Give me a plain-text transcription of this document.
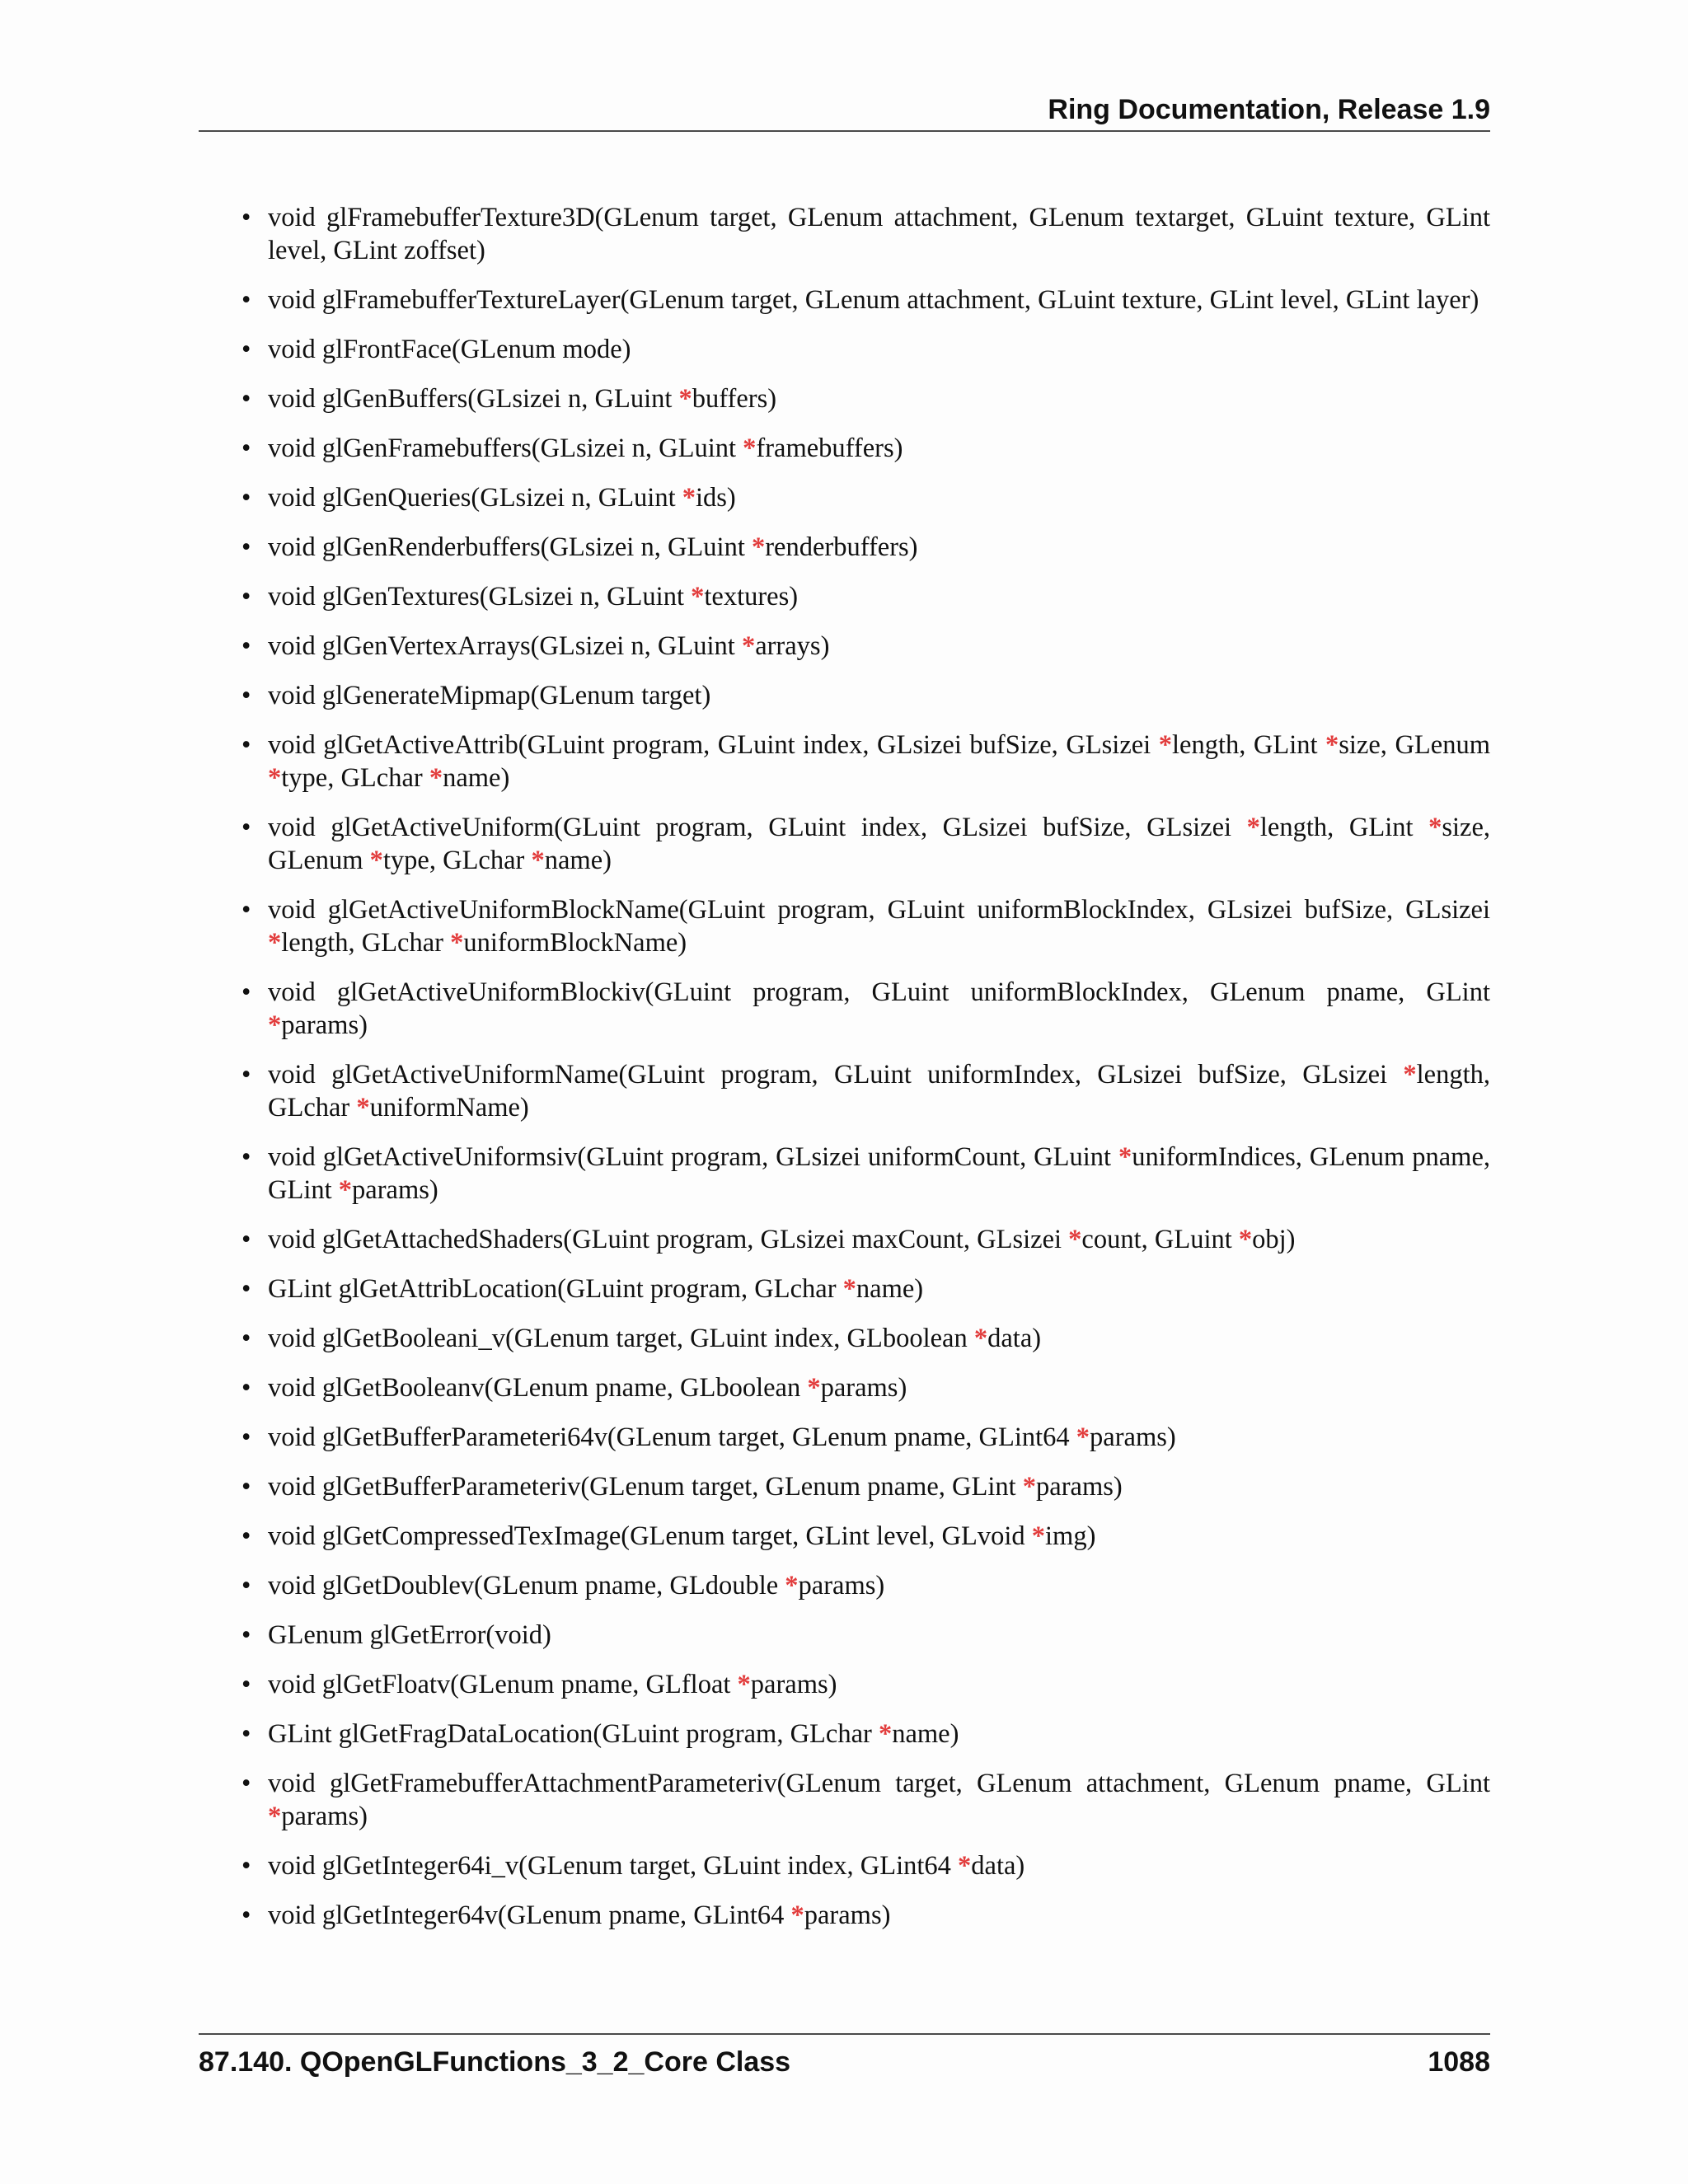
Ring Documentation, Release 1.9
• void glFramebufferTexture3D(GLenum target, GLenum attachment, GLenum textarget, GLuint texture, GLint level, GLint zoffset)
• void glFramebufferTextureLayer(GLenum target, GLenum attachment, GLuint texture, GLint level, GLint layer)
• void glFrontFace(GLenum mode)
• void glGenBuffers(GLsizei n, GLuint *buffers)
• void glGenFramebuffers(GLsizei n, GLuint *framebuffers)
• void glGenQueries(GLsizei n, GLuint *ids)
• void glGenRenderbuffers(GLsizei n, GLuint *renderbuffers)
• void glGenTextures(GLsizei n, GLuint *textures)
• void glGenVertexArrays(GLsizei n, GLuint *arrays)
• void glGenerateMipmap(GLenum target)
• void glGetActiveAttrib(GLuint program, GLuint index, GLsizei bufSize, GLsizei *length, GLint *size, GLenum *type, GLchar *name)
• void glGetActiveUniform(GLuint program, GLuint index, GLsizei bufSize, GLsizei *length, GLint *size, GLenum *type, GLchar *name)
• void glGetActiveUniformBlockName(GLuint program, GLuint uniformBlockIndex, GLsizei bufSize, GLsizei *length, GLchar *uniformBlockName)
• void glGetActiveUniformBlockiv(GLuint program, GLuint uniformBlockIndex, GLenum pname, GLint *params)
• void glGetActiveUniformName(GLuint program, GLuint uniformIndex, GLsizei bufSize, GLsizei *length, GLchar *uniformName)
• void glGetActiveUniformsiv(GLuint program, GLsizei uniformCount, GLuint *uniformIndices, GLenum pname, GLint *params)
• void glGetAttachedShaders(GLuint program, GLsizei maxCount, GLsizei *count, GLuint *obj)
• GLint glGetAttribLocation(GLuint program, GLchar *name)
• void glGetBooleani_v(GLenum target, GLuint index, GLboolean *data)
• void glGetBooleanv(GLenum pname, GLboolean *params)
• void glGetBufferParameteri64v(GLenum target, GLenum pname, GLint64 *params)
• void glGetBufferParameteriv(GLenum target, GLenum pname, GLint *params)
• void glGetCompressedTexImage(GLenum target, GLint level, GLvoid *img)
• void glGetDoublev(GLenum pname, GLdouble *params)
• GLenum glGetError(void)
• void glGetFloatv(GLenum pname, GLfloat *params)
• GLint glGetFragDataLocation(GLuint program, GLchar *name)
• void glGetFramebufferAttachmentParameteriv(GLenum target, GLenum attachment, GLenum pname, GLint *params)
• void glGetInteger64i_v(GLenum target, GLuint index, GLint64 *data)
• void glGetInteger64v(GLenum pname, GLint64 *params)
87.140. QOpenGLFunctions_3_2_Core Class	1088
